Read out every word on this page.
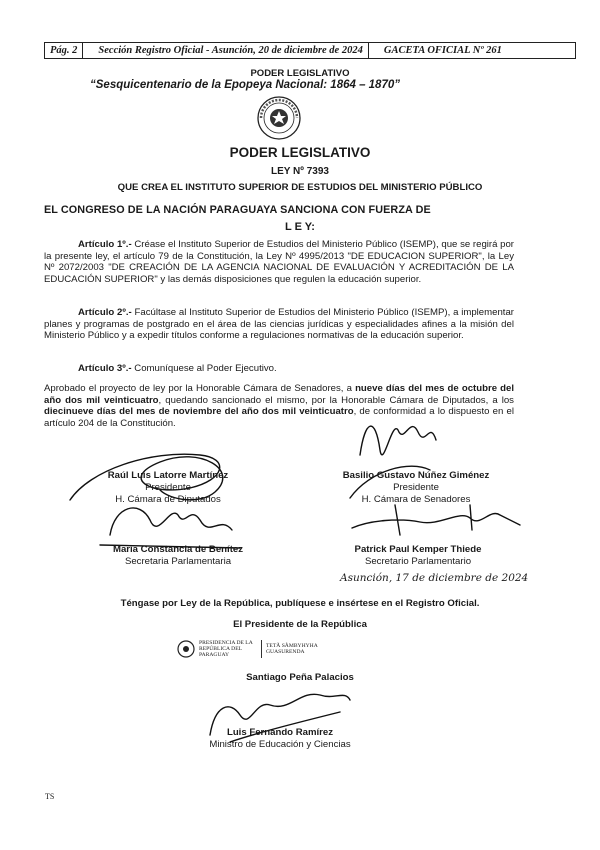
Pág. 2	Sección Registro Oficial - Asunción, 20 de diciembre de 2024	GACETA OFICIAL Nº 261
PODER LEGISLATIVO
“Sesquicentenario de la Epopeya Nacional: 1864 – 1870”
PODER LEGISLATIVO
LEY Nº 7393
QUE CREA EL INSTITUTO SUPERIOR DE ESTUDIOS DEL MINISTERIO PÚBLICO
EL CONGRESO DE LA NACIÓN PARAGUAYA SANCIONA CON FUERZA DE
L E Y:
Artículo 1º.- Créase el Instituto Superior de Estudios del Ministerio Público (ISEMP), que se regirá por la presente ley, el artículo 79 de la Constitución, la Ley Nº 4995/2013 "DE EDUCACION SUPERIOR", la Ley Nº 2072/2003 "DE CREACIÓN DE LA AGENCIA NACIONAL DE EVALUACIÓN Y ACREDITACIÓN DE LA EDUCACIÓN SUPERIOR" y las demás disposiciones que regulen la educación superior.
Artículo 2º.- Facúltase al Instituto Superior de Estudios del Ministerio Público (ISEMP), a implementar planes y programas de postgrado en el área de las ciencias jurídicas y especialidades afines a la misión del Ministerio Público y a expedir títulos conforme a regulaciones normativas de la educación superior.
Artículo 3º.- Comuníquese al Poder Ejecutivo.
Aprobado el proyecto de ley por la Honorable Cámara de Senadores, a nueve días del mes de octubre del año dos mil veinticuatro, quedando sancionado el mismo, por la Honorable Cámara de Diputados, a los diecinueve días del mes de noviembre del año dos mil veinticuatro, de conformidad a lo dispuesto en el artículo 204 de la Constitución.
Raúl Luis Latorre Martínez
Presidente
H. Cámara de Diputados
Basilio Gustavo Núñez Giménez
Presidente
H. Cámara de Senadores
María Constancia de Benítez
Secretaria Parlamentaria
Patrick Paul Kemper Thiede
Secretario Parlamentario
Asunción, 17 de diciembre de 2024
Téngase por Ley de la República, publíquese e insértese en el Registro Oficial.
El Presidente de la República
PRESIDENCIA DE LA REPÚBLICA DEL PARAGUAY
TETÃ SÃMBYHYHA GUASURENDA
Santiago Peña Palacios
Luis Fernando Ramírez
Ministro de Educación y Ciencias
TS
